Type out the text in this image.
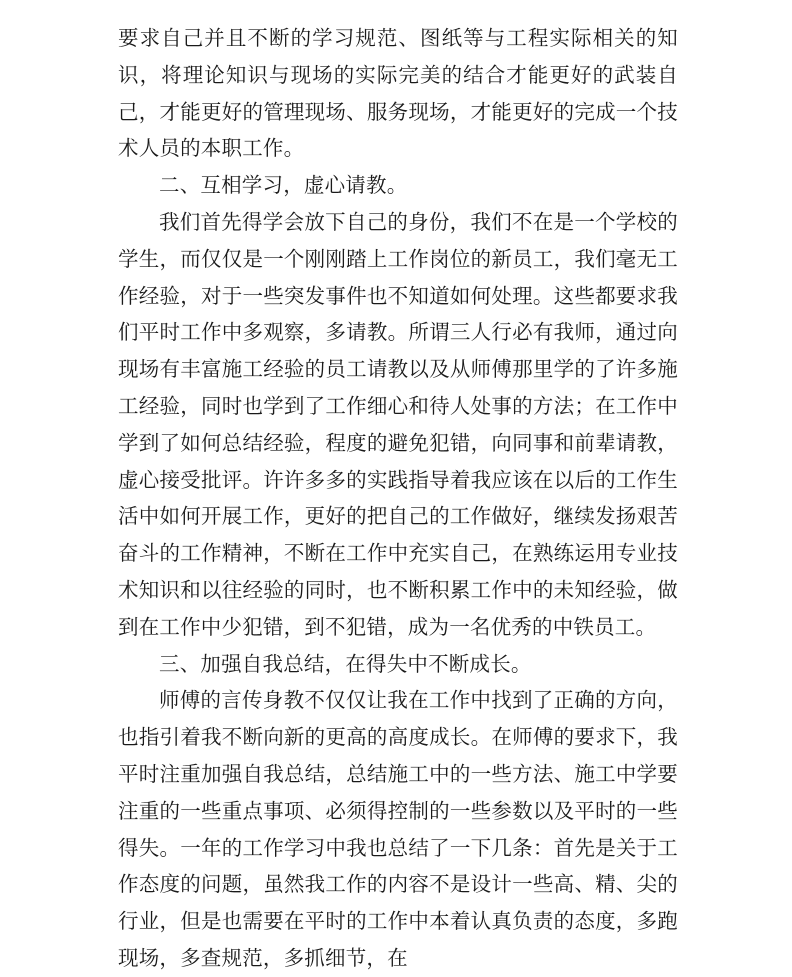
要求自己并且不断的学习规范、图纸等与工程实际相关的知识，将理论知识与现场的实际完美的结合才能更好的武装自己，才能更好的管理现场、服务现场，才能更好的完成一个技术人员的本职工作。

二、互相学习，虚心请教。

我们首先得学会放下自己的身份，我们不在是一个学校的学生，而仅仅是一个刚刚踏上工作岗位的新员工，我们毫无工作经验，对于一些突发事件也不知道如何处理。这些都要求我们平时工作中多观察，多请教。所谓三人行必有我师，通过向现场有丰富施工经验的员工请教以及从师傅那里学的了许多施工经验，同时也学到了工作细心和待人处事的方法；在工作中学到了如何总结经验，程度的避免犯错，向同事和前辈请教，虚心接受批评。许许多多的实践指导着我应该在以后的工作生活中如何开展工作，更好的把自己的工作做好，继续发扬艰苦奋斗的工作精神，不断在工作中充实自己，在熟练运用专业技术知识和以往经验的同时，也不断积累工作中的未知经验，做到在工作中少犯错，到不犯错，成为一名优秀的中铁员工。

三、加强自我总结，在得失中不断成长。

师傅的言传身教不仅仅让我在工作中找到了正确的方向，也指引着我不断向新的更高的高度成长。在师傅的要求下，我平时注重加强自我总结，总结施工中的一些方法、施工中学要注重的一些重点事项、必须得控制的一些参数以及平时的一些得失。一年的工作学习中我也总结了一下几条：首先是关于工作态度的问题，虽然我工作的内容不是设计一些高、精、尖的行业，但是也需要在平时的工作中本着认真负责的态度，多跑现场，多查规范，多抓细节，在
